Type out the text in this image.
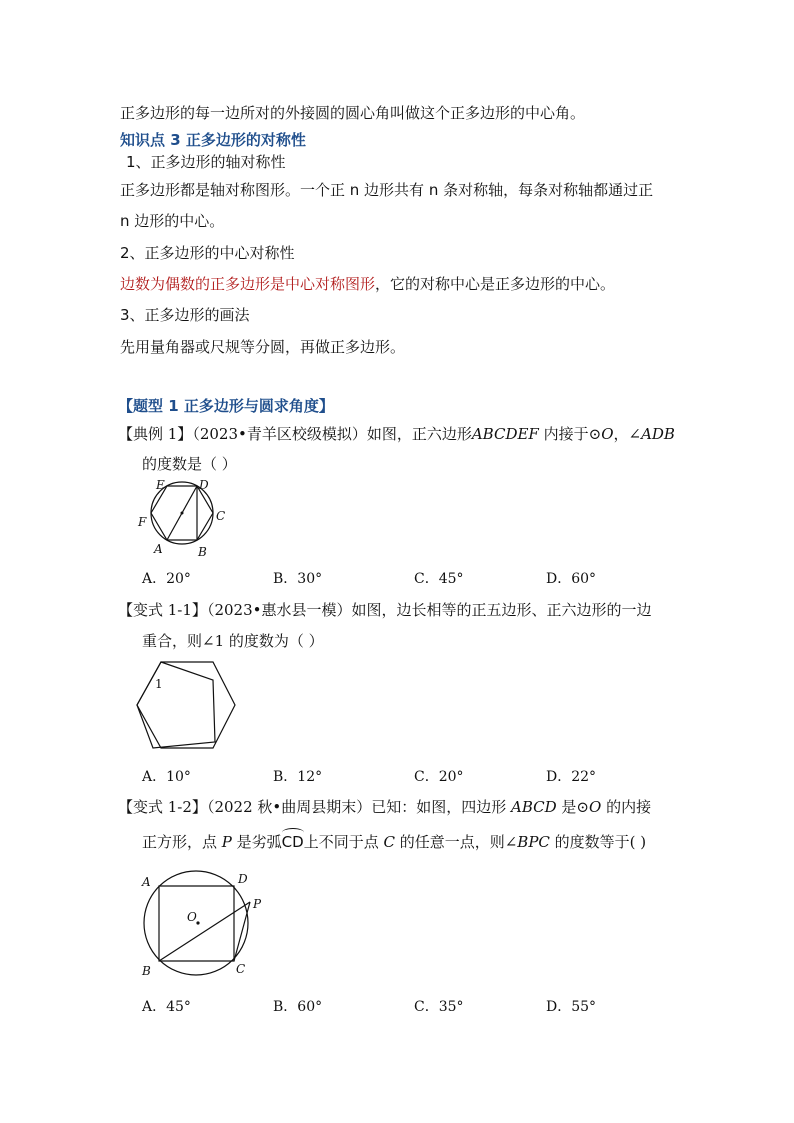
正多边形的每一边所对的外接圆的圆心角叫做这个正多边形的中心角。
知识点 3 正多边形的对称性
1、正多边形的轴对称性
正多边形都是轴对称图形。一个正 n 边形共有 n 条对称轴，每条对称轴都通过正
n 边形的中心。
2、正多边形的中心对称性
边数为偶数的正多边形是中心对称图形，它的对称中心是正多边形的中心。
3、正多边形的画法
先用量角器或尺规等分圆，再做正多边形。
【题型 1 正多边形与圆求角度】
【典例 1】（2023•青羊区校级模拟）如图，正六边形ABCDEF 内接于⊙O，∠ADB
的度数是（ ）
A	B
C
D
E
F
A．20°	B．30°	C．45°	D．60°
【变式 1-1】（2023•惠水县一模）如图，边长相等的正五边形、正六边形的一边
重合，则∠1 的度数为（ ）
1
A．10°	B．12°	C．20°	D．22°
【变式 1-2】（2022 秋•曲周县期末）已知：如图，四边形 ABCD 是⊙O 的内接
正方形，点 P 是劣弧CD上不同于点 C 的任意一点，则∠BPC 的度数等于( )
A
B	C
D
P
O
A．45°	B．60°	C．35°	D．55°
